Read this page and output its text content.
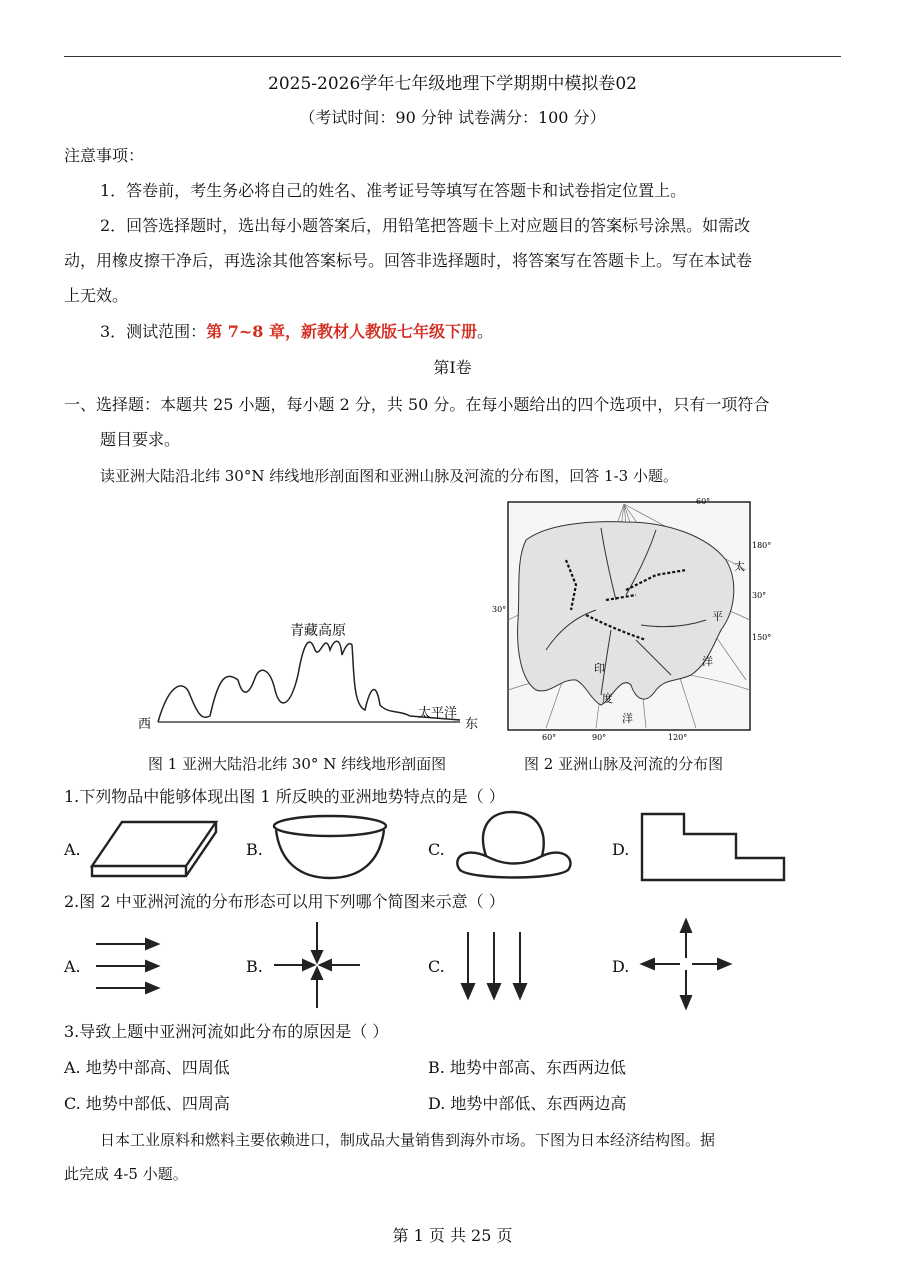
2025-2026学年七年级地理下学期期中模拟卷02
（考试时间：90 分钟 试卷满分：100 分）
注意事项：
1．答卷前，考生务必将自己的姓名、准考证号等填写在答题卡和试卷指定位置上。
2．回答选择题时，选出每小题答案后，用铅笔把答题卡上对应题目的答案标号涂黑。如需改
动，用橡皮擦干净后，再选涂其他答案标号。回答非选择题时，将答案写在答题卡上。写在本试卷
上无效。
3．测试范围：第 7~8 章，新教材人教版七年级下册。
第Ⅰ卷
一、选择题：本题共 25 小题，每小题 2 分，共 50 分。在每小题给出的四个选项中，只有一项符合
题目要求。
读亚洲大陆沿北纬 30°N 纬线地形剖面图和亚洲山脉及河流的分布图，回答 1-3 小题。
青藏高原
西	东
太平洋
图 1 亚洲大陆沿北纬 30° N 纬线地形剖面图
60°
180°
30°
150°
30°
60°	90°	120°
太
平
洋
印
度
洋
图 2 亚洲山脉及河流的分布图
1.下列物品中能够体现出图 1 所反映的亚洲地势特点的是（ ）
A.	B.	C.	D.
2.图 2 中亚洲河流的分布形态可以用下列哪个简图来示意（ ）
A.	B.	C.	D.
3.导致上题中亚洲河流如此分布的原因是（ ）
A. 地势中部高、四周低	B. 地势中部高、东西两边低
C. 地势中部低、四周高	D. 地势中部低、东西两边高
日本工业原料和燃料主要依赖进口，制成品大量销售到海外市场。下图为日本经济结构图。据
此完成 4-5 小题。
第 1 页 共 25 页
